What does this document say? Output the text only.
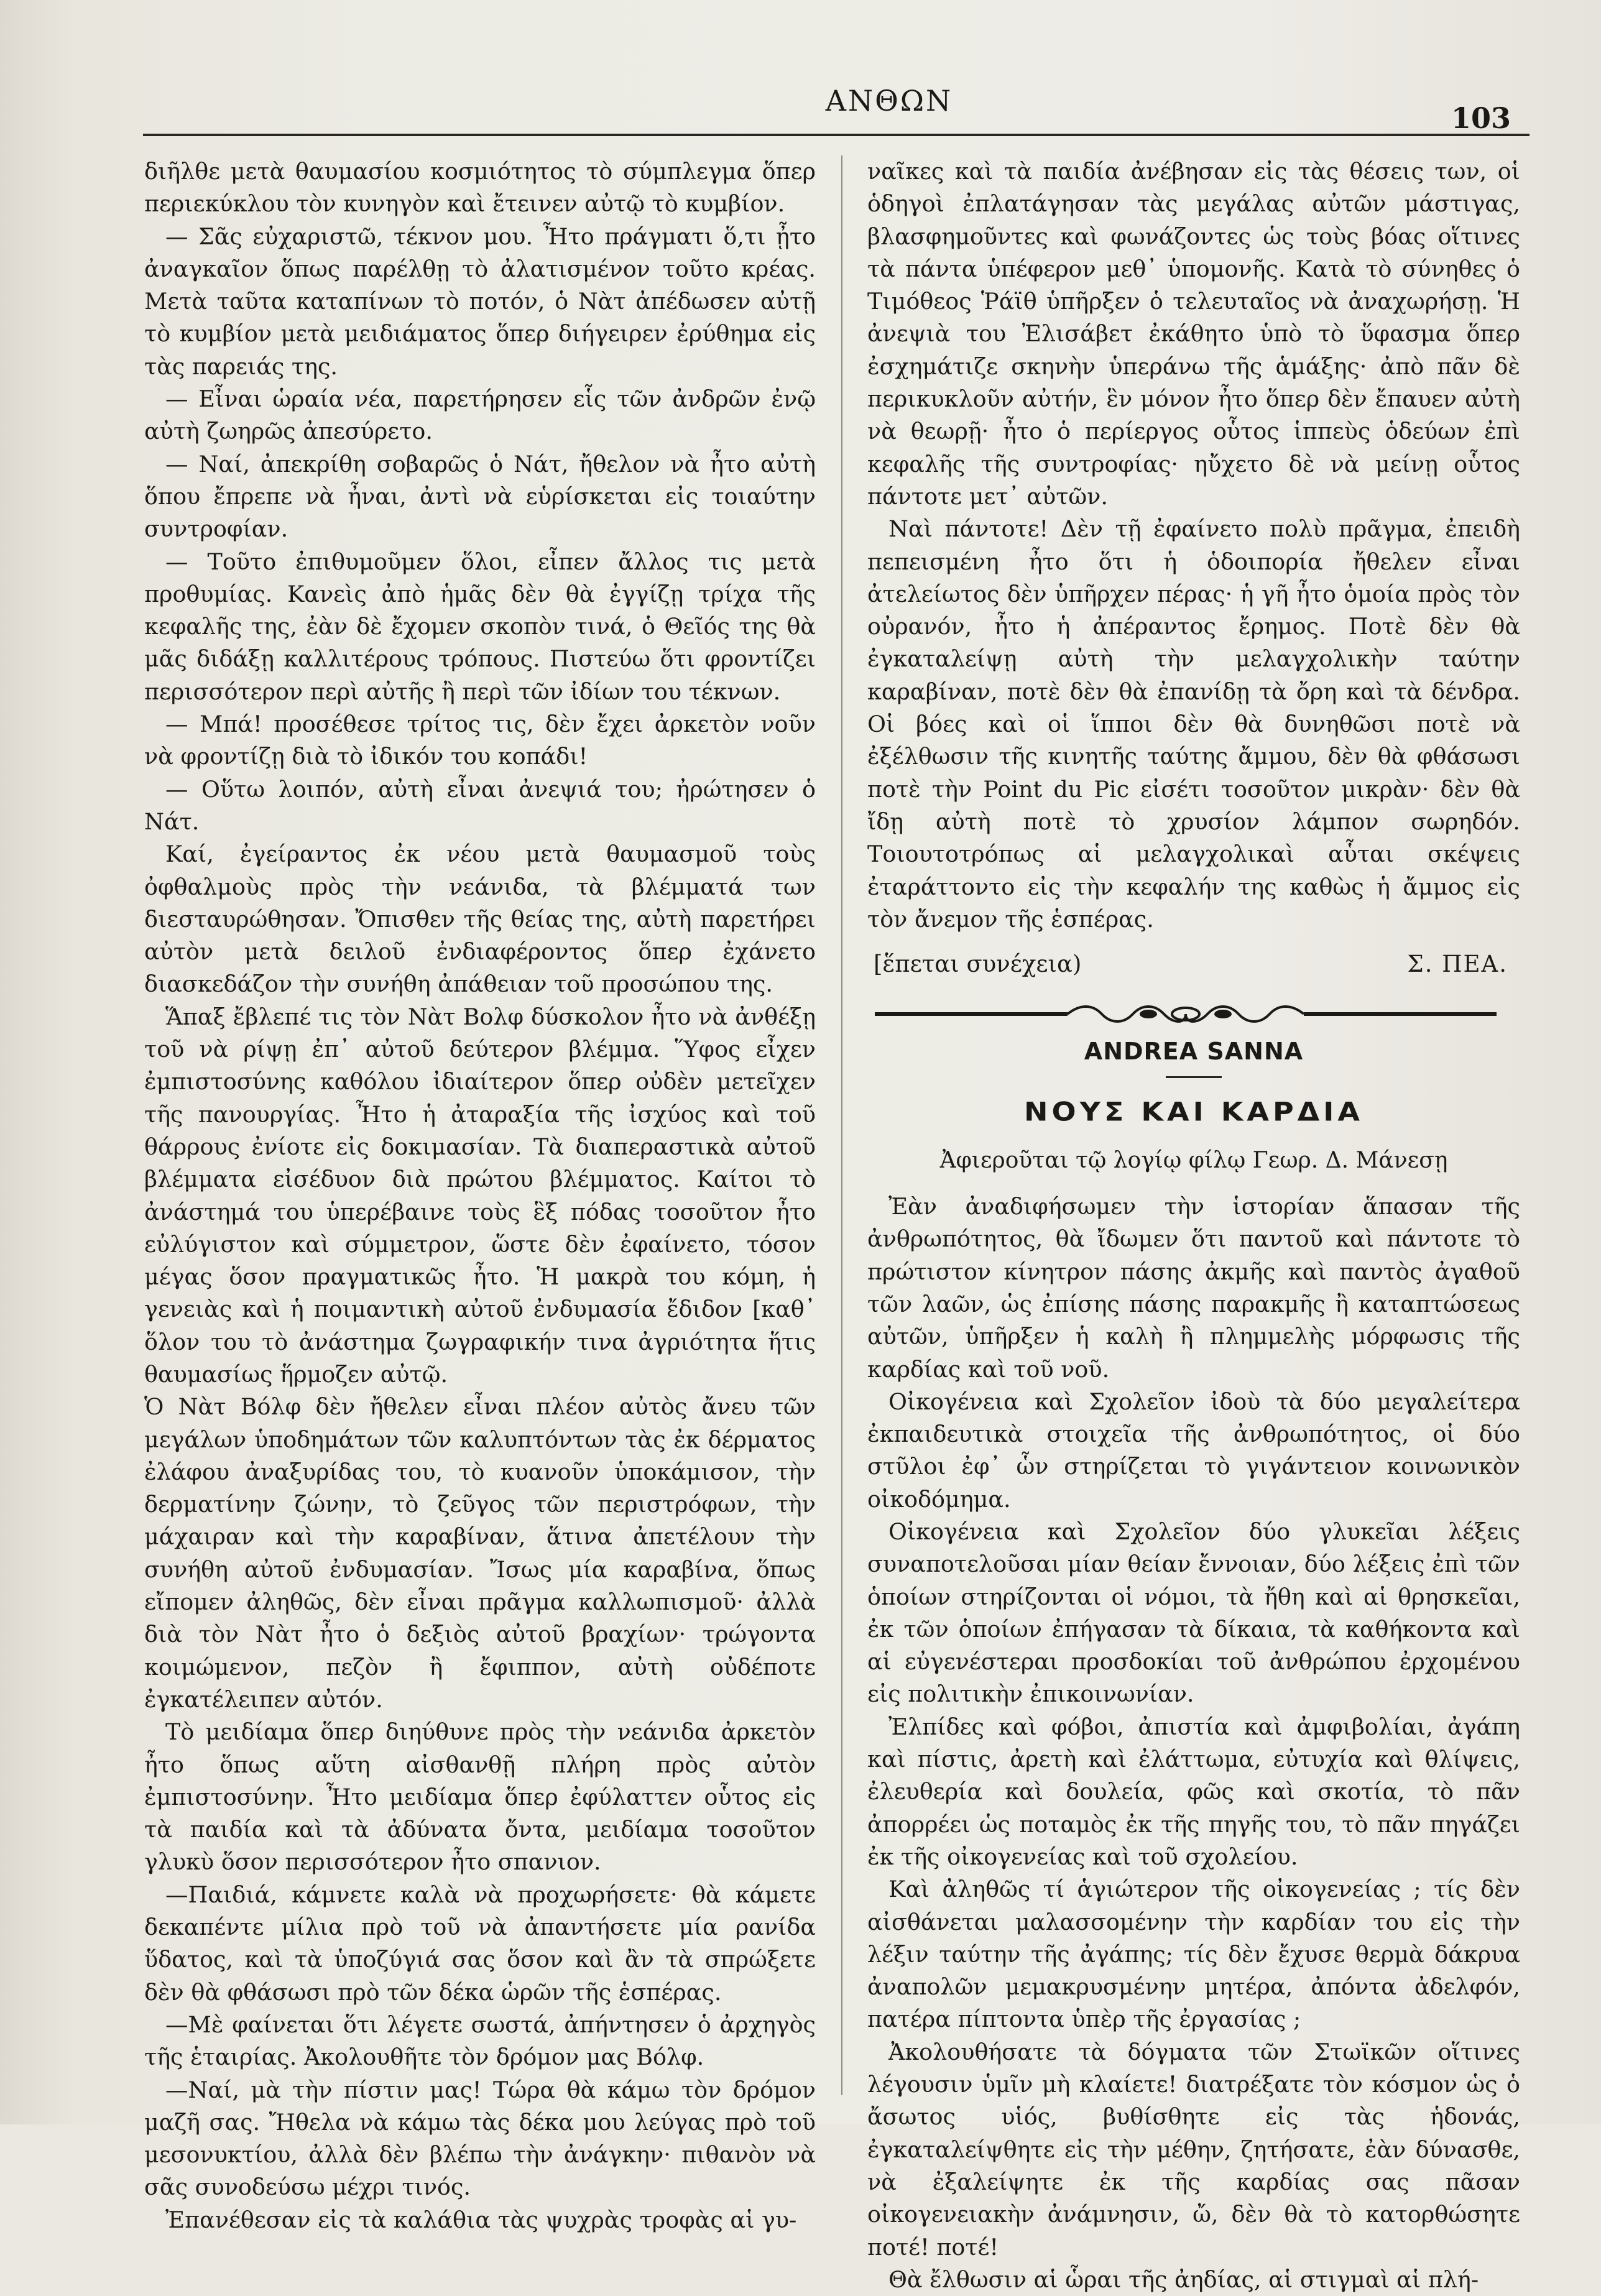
ΑΝΘΩΝ
103

διῆλθε μετὰ θαυμασίου κοσμιότητος τὸ σύμπλεγμα ὅπερ περιεκύκλου τὸν κυνηγὸν καὶ ἔτεινεν αὐτῷ τὸ κυμβίον.

— Σᾶς εὐχαριστῶ, τέκνον μου. Ἦτο πράγματι ὅ,τι ᾖτο ἀναγκαῖον ὅπως παρέλθῃ τὸ ἀλατισμένον τοῦτο κρέας. Μετὰ ταῦτα καταπίνων τὸ ποτόν, ὁ Νὰτ ἀπέδωσεν αὐτῇ τὸ κυμβίον μετὰ μειδιάματος ὅπερ διήγειρεν ἐρύθημα εἰς τὰς παρειάς της.

— Εἶναι ὡραία νέα, παρετήρησεν εἷς τῶν ἀνδρῶν ἐνῷ αὐτὴ ζωηρῶς ἀπεσύρετο.

— Ναί, ἀπεκρίθη σοβαρῶς ὁ Νάτ, ἤθελον νὰ ἦτο αὐτὴ ὅπου ἔπρεπε νὰ ἦναι, ἀντὶ νὰ εὑρίσκεται εἰς τοιαύτην συντροφίαν.

— Τοῦτο ἐπιθυμοῦμεν ὅλοι, εἶπεν ἄλλος τις μετὰ προθυμίας. Κανεὶς ἀπὸ ἡμᾶς δὲν θὰ ἐγγίζῃ τρίχα τῆς κεφαλῆς της, ἐὰν δὲ ἔχομεν σκοπὸν τινά, ὁ Θεῖός της θὰ μᾶς διδάξῃ καλλιτέρους τρόπους. Πιστεύω ὅτι φροντίζει περισσότερον περὶ αὐτῆς ἢ περὶ τῶν ἰδίων του τέκνων.

— Μπά! προσέθεσε τρίτος τις, δὲν ἔχει ἀρκετὸν νοῦν νὰ φροντίζῃ διὰ τὸ ἰδικόν του κοπάδι!

— Οὕτω λοιπόν, αὐτὴ εἶναι ἀνεψιά του; ἠρώτησεν ὁ Νάτ.

Καί, ἐγείραντος ἐκ νέου μετὰ θαυμασμοῦ τοὺς ὀφθαλμοὺς πρὸς τὴν νεάνιδα, τὰ βλέμματά των διεσταυρώθησαν. Ὄπισθεν τῆς θείας της, αὐτὴ παρετήρει αὐτὸν μετὰ δειλοῦ ἐνδιαφέροντος ὅπερ ἐχάνετο διασκεδάζον τὴν συνήθη ἀπάθειαν τοῦ προσώπου της.

Ἅπαξ ἔβλεπέ τις τὸν Νὰτ Βολφ δύσκολον ἦτο νὰ ἀνθέξῃ τοῦ νὰ ρίψῃ ἐπ᾽ αὐτοῦ δεύτερον βλέμμα. Ὕφος εἶχεν ἐμπιστοσύνης καθόλου ἰδιαίτερον ὅπερ οὐδὲν μετεῖχεν τῆς πανουργίας. Ἦτο ἡ ἀταραξία τῆς ἰσχύος καὶ τοῦ θάρρους ἐνίοτε εἰς δοκιμασίαν. Τὰ διαπεραστικὰ αὐτοῦ βλέμματα εἰσέδυον διὰ πρώτου βλέμματος. Καίτοι τὸ ἀνάστημά του ὑπερέβαινε τοὺς ἓξ πόδας τοσοῦτον ἦτο εὐλύγιστον καὶ σύμμετρον, ὥστε δὲν ἐφαίνετο, τόσον μέγας ὅσον πραγματικῶς ἦτο. Ἡ μακρὰ του κόμη, ἡ γενειὰς καὶ ἡ ποιμαντικὴ αὐτοῦ ἐνδυμασία ἔδιδον [καθ᾽ ὅλον του τὸ ἀνάστημα ζωγραφικήν τινα ἀγριότητα ἥτις θαυμασίως ἥρμοζεν αὐτῷ.

Ὁ Νὰτ Βόλφ δὲν ἤθελεν εἶναι πλέον αὐτὸς ἄνευ τῶν μεγάλων ὑποδημάτων τῶν καλυπτόντων τὰς ἐκ δέρματος ἐλάφου ἀναξυρίδας του, τὸ κυανοῦν ὑποκάμισον, τὴν δερματίνην ζώνην, τὸ ζεῦγος τῶν περιστρόφων, τὴν μάχαιραν καὶ τὴν καραβίναν, ἅτινα ἀπετέλουν τὴν συνήθη αὐτοῦ ἐνδυμασίαν. Ἴσως μία καραβίνα, ὅπως εἴπομεν ἀληθῶς, δὲν εἶναι πρᾶγμα καλλωπισμοῦ· ἀλλὰ διὰ τὸν Νὰτ ἦτο ὁ δεξιὸς αὐτοῦ βραχίων· τρώγοντα κοιμώμενον, πεζὸν ἢ ἔφιππον, αὐτὴ οὐδέποτε ἐγκατέλειπεν αὐτόν.

Τὸ μειδίαμα ὅπερ διηύθυνε πρὸς τὴν νεάνιδα ἀρκετὸν ἦτο ὅπως αὕτη αἰσθανθῇ πλήρη πρὸς αὐτὸν ἐμπιστοσύνην. Ἦτο μειδίαμα ὅπερ ἐφύλαττεν οὗτος εἰς τὰ παιδία καὶ τὰ ἀδύνατα ὄντα, μειδίαμα τοσοῦτον γλυκὺ ὅσον περισσότερον ἦτο σπανιον.

—Παιδιά, κάμνετε καλὰ νὰ προχωρήσετε· θὰ κάμετε δεκαπέντε μίλια πρὸ τοῦ νὰ ἀπαντήσετε μία ρανίδα ὕδατος, καὶ τὰ ὑποζύγιά σας ὅσον καὶ ἂν τὰ σπρώξετε δὲν θὰ φθάσωσι πρὸ τῶν δέκα ὡρῶν τῆς ἑσπέρας.

—Μὲ φαίνεται ὅτι λέγετε σωστά, ἀπήντησεν ὁ ἀρχηγὸς τῆς ἑταιρίας. Ἀκολουθῆτε τὸν δρόμον μας Βόλφ.

—Ναί, μὰ τὴν πίστιν μας! Τώρα θὰ κάμω τὸν δρόμον μαζῆ σας. Ἤθελα νὰ κάμω τὰς δέκα μου λεύγας πρὸ τοῦ μεσονυκτίου, ἀλλὰ δὲν βλέπω τὴν ἀνάγκην· πιθανὸν νὰ σᾶς συνοδεύσω μέχρι τινός.

Ἐπανέθεσαν εἰς τὰ καλάθια τὰς ψυχρὰς τροφὰς αἱ γυ-

ναῖκες καὶ τὰ παιδία ἀνέβησαν εἰς τὰς θέσεις των, οἱ ὁδηγοὶ ἐπλατάγησαν τὰς μεγάλας αὐτῶν μάστιγας, βλασφημοῦντες καὶ φωνάζοντες ὡς τοὺς βόας οἵτινες τὰ πάντα ὑπέφερον μεθ᾽ ὑπομονῆς. Κατὰ τὸ σύνηθες ὁ Τιμόθεος Ῥάϊθ ὑπῆρξεν ὁ τελευταῖος νὰ ἀναχωρήσῃ. Ἡ ἀνεψιὰ του Ἐλισάβετ ἐκάθητο ὑπὸ τὸ ὕφασμα ὅπερ ἐσχημάτιζε σκηνὴν ὑπεράνω τῆς ἁμάξης· ἀπὸ πᾶν δὲ περικυκλοῦν αὐτήν, ἓν μόνον ἦτο ὅπερ δὲν ἔπαυεν αὐτὴ νὰ θεωρῇ· ἦτο ὁ περίεργος οὗτος ἱππεὺς ὁδεύων ἐπὶ κεφαλῆς τῆς συντροφίας· ηὔχετο δὲ νὰ μείνῃ οὗτος πάντοτε μετ᾽ αὐτῶν.

Ναὶ πάντοτε! Δὲν τῇ ἐφαίνετο πολὺ πρᾶγμα, ἐπειδὴ πεπεισμένη ἦτο ὅτι ἡ ὁδοιπορία ἤθελεν εἶναι ἀτελείωτος δὲν ὑπῆρχεν πέρας· ἡ γῆ ἦτο ὁμοία πρὸς τὸν οὐρανόν, ἦτο ἡ ἀπέραντος ἔρημος. Ποτὲ δὲν θὰ ἐγκαταλείψῃ αὐτὴ τὴν μελαγχολικὴν ταύτην καραβίναν, ποτὲ δὲν θὰ ἐπανίδῃ τὰ ὄρη καὶ τὰ δένδρα. Οἱ βόες καὶ οἱ ἵπποι δὲν θὰ δυνηθῶσι ποτὲ νὰ ἐξέλθωσιν τῆς κινητῆς ταύτης ἄμμου, δὲν θὰ φθάσωσι ποτὲ τὴν Point du Pic εἰσέτι τοσοῦτον μικρὰν· δὲν θὰ ἴδῃ αὐτὴ ποτὲ τὸ χρυσίον λάμπον σωρηδόν. Τοιουτοτρόπως αἱ μελαγχολικαὶ αὗται σκέψεις ἐταράττοντο εἰς τὴν κεφαλήν της καθὼς ἡ ἄμμος εἰς τὸν ἄνεμον τῆς ἑσπέρας.

[ἕπεται συνέχεια)	Σ. ΠΕΑ.
ANDREA SANNA
ΝΟΥΣ ΚΑΙ ΚΑΡΔΙΑ
Ἀφιεροῦται τῷ λογίῳ φίλῳ Γεωρ. Δ. Μάνεσῃ

Ἐὰν ἀναδιφήσωμεν τὴν ἱστορίαν ἅπασαν τῆς ἀνθρωπότητος, θὰ ἴδωμεν ὅτι παντοῦ καὶ πάντοτε τὸ πρώτιστον κίνητρον πάσης ἀκμῆς καὶ παντὸς ἀγαθοῦ τῶν λαῶν, ὡς ἐπίσης πάσης παρακμῆς ἢ καταπτώσεως αὐτῶν, ὑπῆρξεν ἡ καλὴ ἢ πλημμελὴς μόρφωσις τῆς καρδίας καὶ τοῦ νοῦ.

Οἰκογένεια καὶ Σχολεῖον ἰδοὺ τὰ δύο μεγαλείτερα ἐκπαιδευτικὰ στοιχεῖα τῆς ἀνθρωπότητος, οἱ δύο στῦλοι ἐφ᾽ ὧν στηρίζεται τὸ γιγάντειον κοινωνικὸν οἰκοδόμημα.

Οἰκογένεια καὶ Σχολεῖον δύο γλυκεῖαι λέξεις συναποτελοῦσαι μίαν θείαν ἔννοιαν, δύο λέξεις ἐπὶ τῶν ὁποίων στηρίζονται οἱ νόμοι, τὰ ἤθη καὶ αἱ θρησκεῖαι, ἐκ τῶν ὁποίων ἐπήγασαν τὰ δίκαια, τὰ καθήκοντα καὶ αἱ εὐγενέστεραι προσδοκίαι τοῦ ἀνθρώπου ἐρχομένου εἰς πολιτικὴν ἐπικοινωνίαν.

Ἐλπίδες καὶ φόβοι, ἀπιστία καὶ ἀμφιβολίαι, ἀγάπη καὶ πίστις, ἀρετὴ καὶ ἐλάττωμα, εὐτυχία καὶ θλίψεις, ἐλευθερία καὶ δουλεία, φῶς καὶ σκοτία, τὸ πᾶν ἀπορρέει ὡς ποταμὸς ἐκ τῆς πηγῆς του, τὸ πᾶν πηγάζει ἐκ τῆς οἰκογενείας καὶ τοῦ σχολείου.

Καὶ ἀληθῶς τί ἁγιώτερον τῆς οἰκογενείας ; τίς δὲν αἰσθάνεται μαλασσομένην τὴν καρδίαν του εἰς τὴν λέξιν ταύτην τῆς ἀγάπης; τίς δὲν ἔχυσε θερμὰ δάκρυα ἀναπολῶν μεμακρυσμένην μητέρα, ἀπόντα ἀδελφόν, πατέρα πίπτοντα ὑπὲρ τῆς ἐργασίας ;

Ἀκολουθήσατε τὰ δόγματα τῶν Στωϊκῶν οἵτινες λέγουσιν ὑμῖν μὴ κλαίετε! διατρέξατε τὸν κόσμον ὡς ὁ ἄσωτος υἱός, βυθίσθητε εἰς τὰς ἡδονάς, ἐγκαταλείψθητε εἰς τὴν μέθην, ζητήσατε, ἐὰν δύνασθε, νὰ ἐξαλείψητε ἐκ τῆς καρδίας σας πᾶσαν οἰκογενειακὴν ἀνάμνησιν, ὤ, δὲν θὰ τὸ κατορθώσητε ποτέ! ποτέ!

Θὰ ἔλθωσιν αἱ ὧραι τῆς ἀηδίας, αἱ στιγμαὶ αἱ πλή-
